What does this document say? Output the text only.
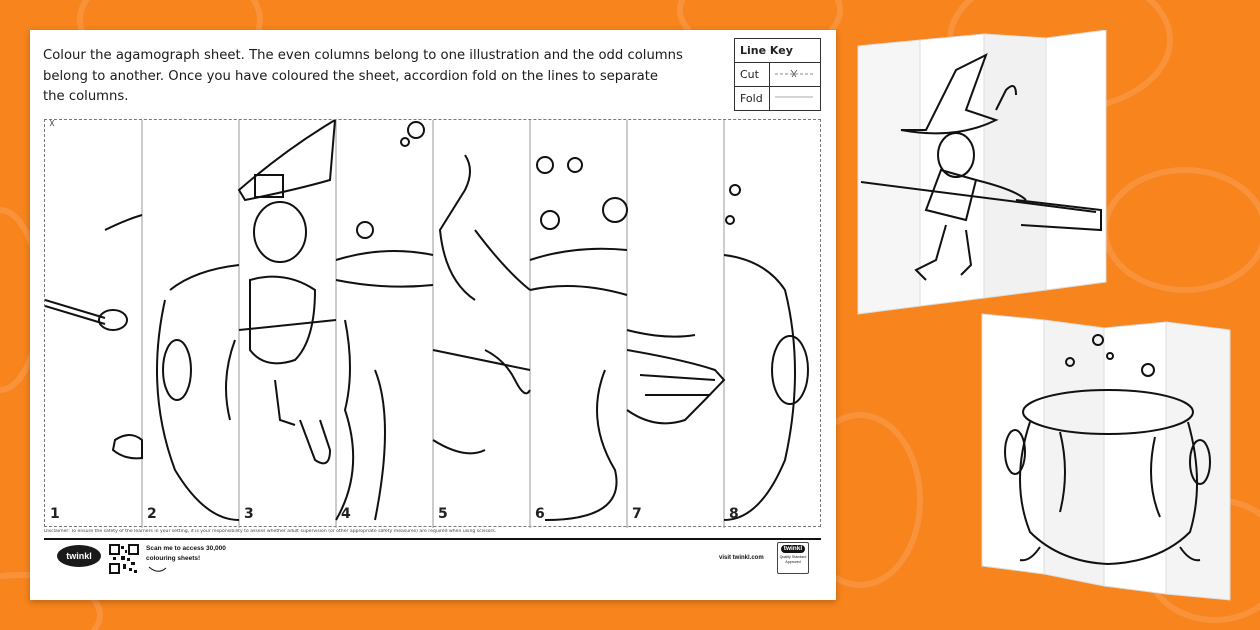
Colour the agamograph sheet. The even columns belong to one illustration and the odd columns belong to another. Once you have coloured the sheet, accordion fold on the lines to separate the columns.

Line Key	
Cut	
Fold	
1	2	3	4	5	6	7	8
Disclaimer: To ensure the safety of the learners in your setting, it is your responsibility to assess whether adult supervision (or other appropriate safety measures) are required when using scissors.
twinkl
Scan me to access 30,000 colouring sheets!	visit twinkl.com
twinkl
Quality Standard Approved
